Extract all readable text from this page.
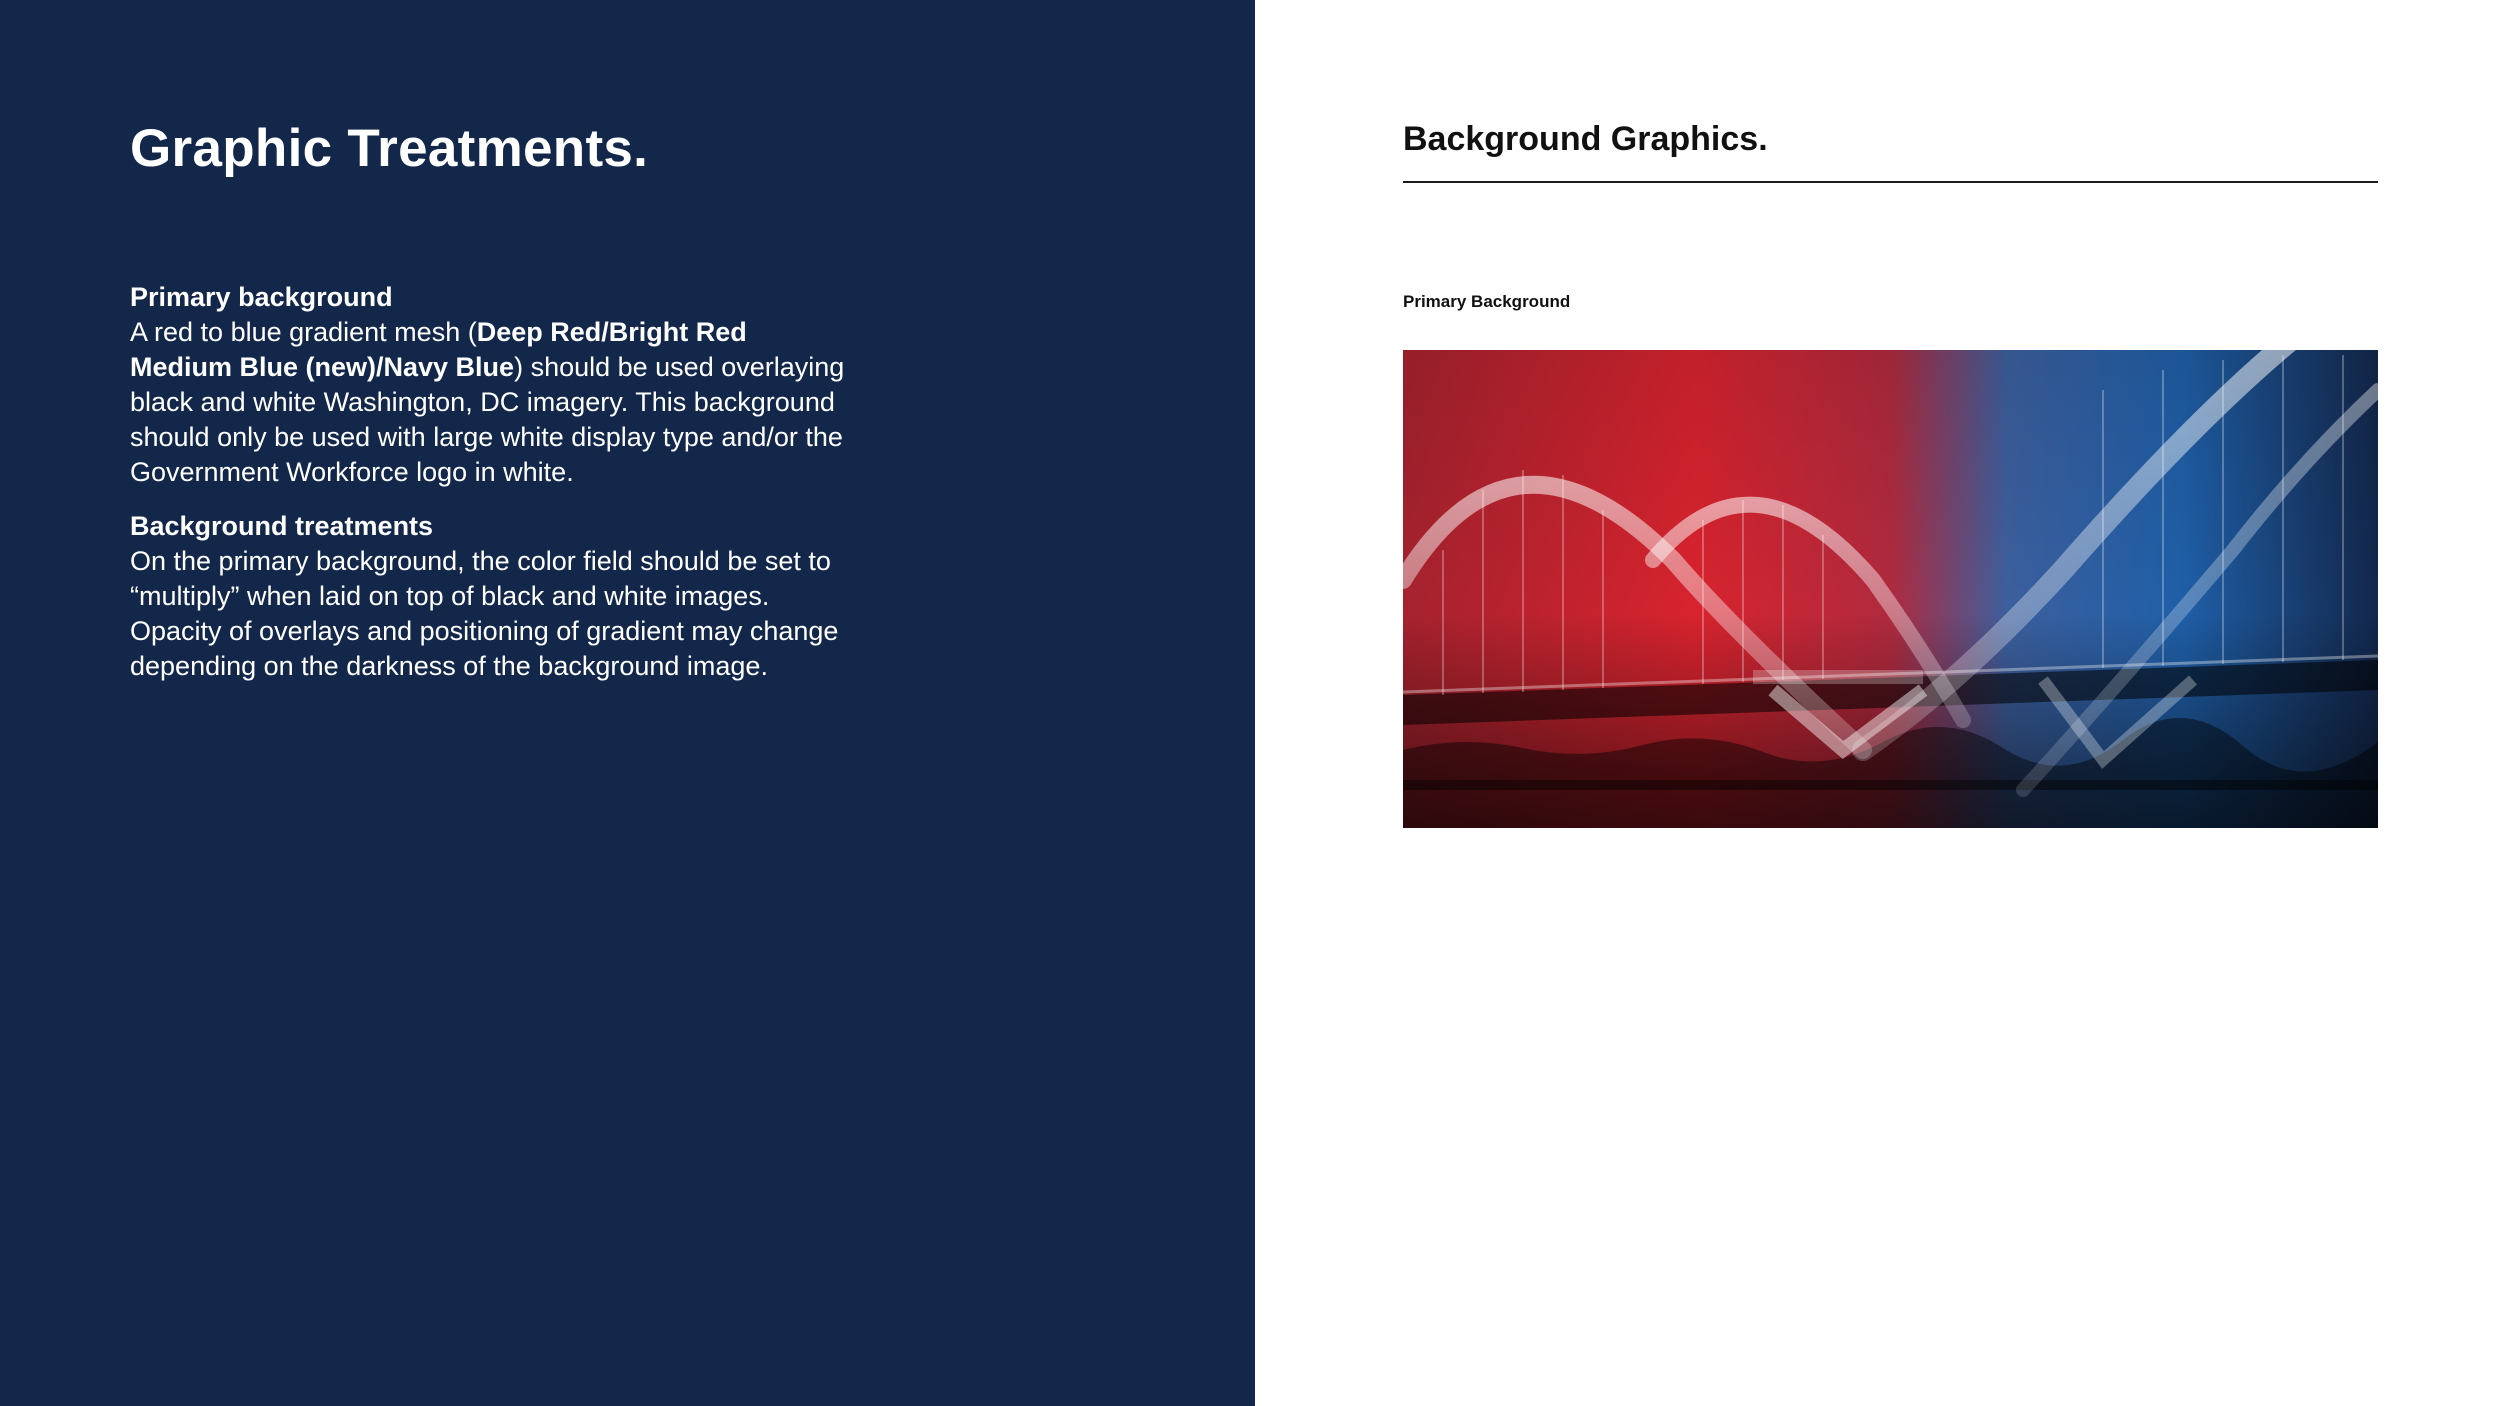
Graphic Treatments.
Primary background

A red to blue gradient mesh (Deep Red/Bright Red Medium Blue (new)/Navy Blue) should be used overlaying black and white Washington, DC imagery. This background should only be used with large white display type and/or the Government Workforce logo in white.

Background treatments

On the primary background, the color field should be set to “multiply” when laid on top of black and white images. Opacity of overlays and positioning of gradient may change depending on the darkness of the background image.

Background Graphics.
Primary Background
